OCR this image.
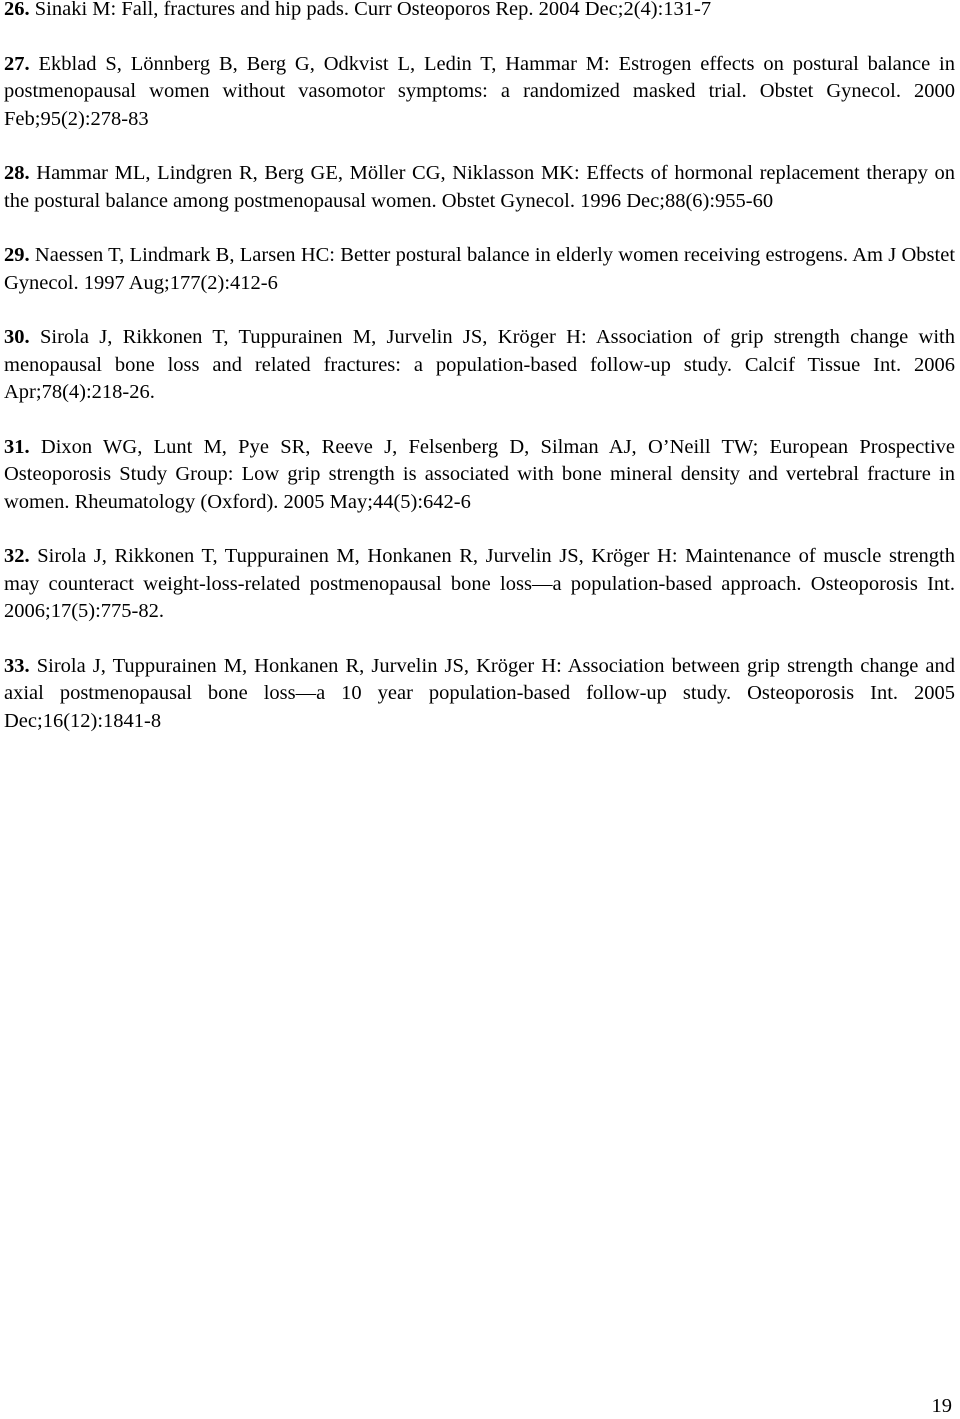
26. Sinaki M: Fall, fractures and hip pads. Curr Osteoporos Rep. 2004 Dec;2(4):131-7
27. Ekblad S, Lönnberg B, Berg G, Odkvist L, Ledin T, Hammar M: Estrogen effects on postural balance in postmenopausal women without vasomotor symptoms: a randomized masked trial. Obstet Gynecol. 2000 Feb;95(2):278-83
28. Hammar ML, Lindgren R, Berg GE, Möller CG, Niklasson MK: Effects of hormonal replacement therapy on the postural balance among postmenopausal women. Obstet Gynecol. 1996 Dec;88(6):955-60
29. Naessen T, Lindmark B, Larsen HC: Better postural balance in elderly women receiving estrogens. Am J Obstet Gynecol. 1997 Aug;177(2):412-6
30. Sirola J, Rikkonen T, Tuppurainen M, Jurvelin JS, Kröger H: Association of grip strength change with menopausal bone loss and related fractures: a population-based follow-up study. Calcif Tissue Int. 2006 Apr;78(4):218-26.
31. Dixon WG, Lunt M, Pye SR, Reeve J, Felsenberg D, Silman AJ, O’Neill TW; European Prospective Osteoporosis Study Group: Low grip strength is associated with bone mineral density and vertebral fracture in women. Rheumatology (Oxford). 2005 May;44(5):642-6
32. Sirola J, Rikkonen T, Tuppurainen M, Honkanen R, Jurvelin JS, Kröger H: Maintenance of muscle strength may counteract weight-loss-related postmenopausal bone loss—a population-based approach. Osteoporosis Int. 2006;17(5):775-82.
33. Sirola J, Tuppurainen M, Honkanen R, Jurvelin JS, Kröger H: Association between grip strength change and axial postmenopausal bone loss—a 10 year population-based follow-up study. Osteoporosis Int. 2005 Dec;16(12):1841-8
19
